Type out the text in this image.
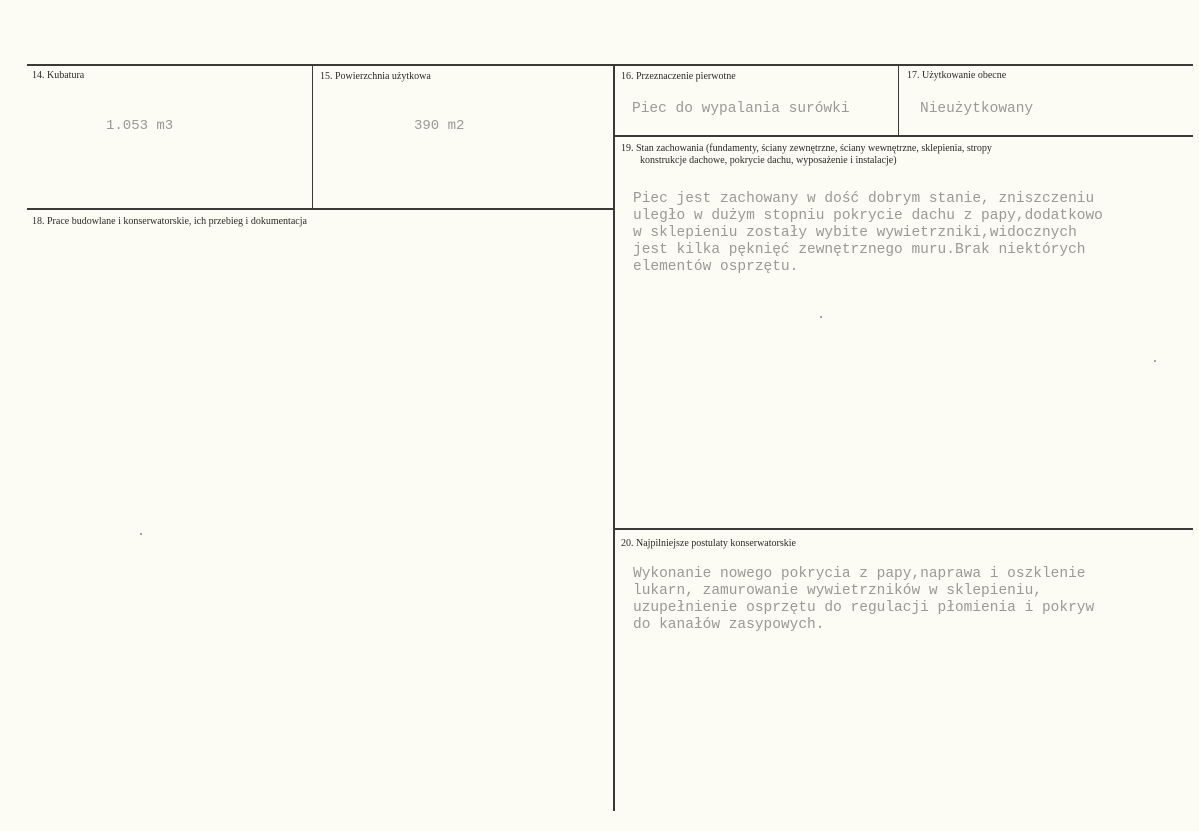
14. Kubatura
1.053 m3
15. Powierzchnia użytkowa
390 m2
16. Przeznaczenie pierwotne
Piec do wypalania surówki
17. Użytkowanie obecne
Nieużytkowany
18. Prace budowlane i konserwatorskie, ich przebieg i dokumentacja
19. Stan zachowania (fundamenty, ściany zewnętrzne, ściany wewnętrzne, sklepienia, stropy
konstrukcje dachowe, pokrycie dachu, wyposażenie i instalacje)
Piec jest zachowany w dość dobrym stanie, zniszczeniu
uległo w dużym stopniu pokrycie dachu z papy,dodatkowo
w sklepieniu zostały wybite wywietrzniki,widocznych
jest kilka pęknięć zewnętrznego muru.Brak niektórych
elementów osprzętu.
20. Najpilniejsze postulaty konserwatorskie
Wykonanie nowego pokrycia z papy,naprawa i oszklenie
lukarn, zamurowanie wywietrzników w sklepieniu,
uzupełnienie osprzętu do regulacji płomienia i pokryw
do kanałów zasypowych.
